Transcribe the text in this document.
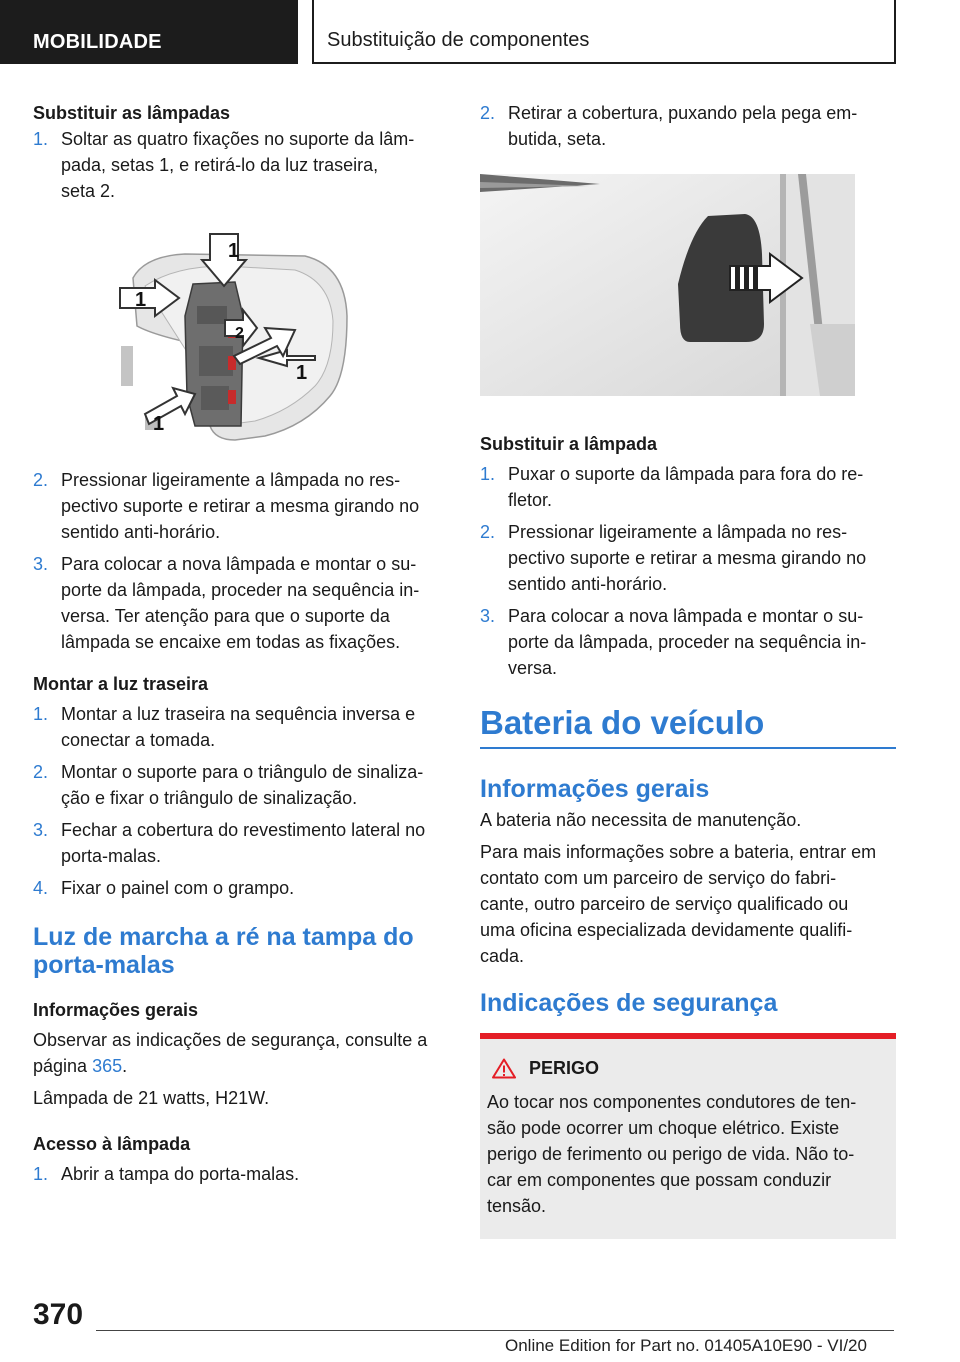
MOBILIDADE	Substituição de componentes
Substituir as lâmpadas
1. Soltar as quatro fixações no suporte da lâm-
pada, setas 1, e retirá-lo da luz traseira,
seta 2.
1
1
2
1
1
2. Pressionar ligeiramente a lâmpada no res-
pectivo suporte e retirar a mesma girando no
sentido anti-horário.
3. Para colocar a nova lâmpada e montar o su-
porte da lâmpada, proceder na sequência in-
versa. Ter atenção para que o suporte da
lâmpada se encaixe em todas as fixações.
Montar a luz traseira
1. Montar a luz traseira na sequência inversa e
conectar a tomada.
2. Montar o suporte para o triângulo de sinaliza-
ção e fixar o triângulo de sinalização.
3. Fechar a cobertura do revestimento lateral no
porta-malas.
4. Fixar o painel com o grampo.
Luz de marcha a ré na tampa do
porta-malas
Informações gerais
Observar as indicações de segurança, consulte a
página 365.
Lâmpada de 21 watts, H21W.
Acesso à lâmpada
1. Abrir a tampa do porta-malas.
2. Retirar a cobertura, puxando pela pega em-
butida, seta.
Substituir a lâmpada
1. Puxar o suporte da lâmpada para fora do re-
fletor.
2. Pressionar ligeiramente a lâmpada no res-
pectivo suporte e retirar a mesma girando no
sentido anti-horário.
3. Para colocar a nova lâmpada e montar o su-
porte da lâmpada, proceder na sequência in-
versa.
Bateria do veículo
Informações gerais
A bateria não necessita de manutenção.
Para mais informações sobre a bateria, entrar em
contato com um parceiro de serviço do fabri-
cante, outro parceiro de serviço qualificado ou
uma oficina especializada devidamente qualifi-
cada.
Indicações de segurança
PERIGO
Ao tocar nos componentes condutores de ten-
são pode ocorrer um choque elétrico. Existe
perigo de ferimento ou perigo de vida. Não to-
car em componentes que possam conduzir
tensão.
370
Online Edition for Part no. 01405A10E90 - VI/20
